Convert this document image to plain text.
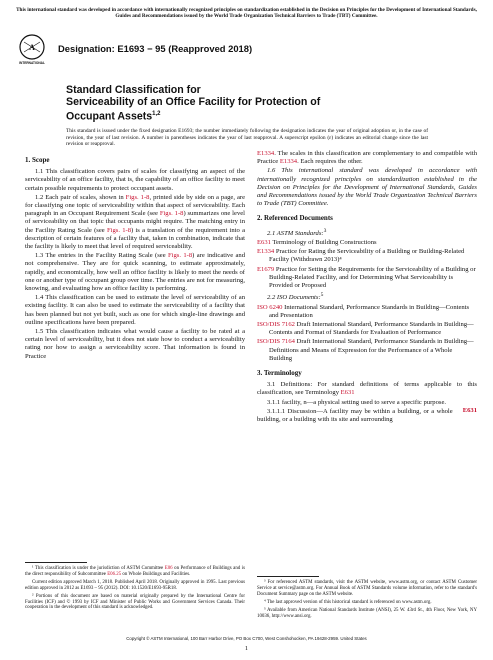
This international standard was developed in accordance with internationally recognized principles on standardization established in the Decision on Principles for the Development of International Standards, Guides and Recommendations issued by the World Trade Organization Technical Barriers to Trade (TBT) Committee.
A
INTERNATIONAL
Designation: E1693 − 95 (Reapproved 2018)
Standard Classification for
Serviceability of an Office Facility for Protection of
Occupant Assets$^{1,2}$
This standard is issued under the fixed designation E1693; the number immediately following the designation indicates the year of original adoption or, in the case of revision, the year of last revision. A number in parentheses indicates the year of last reapproval. A superscript epsilon (ε) indicates an editorial change since the last revision or reapproval.
1. Scope

1.1 This classification covers pairs of scales for classifying an aspect of the serviceability of an office facility, that is, the capability of an office facility to meet certain possible requirements to protect occupant assets.

1.2 Each pair of scales, shown in Figs. 1-8, printed side by side on a page, are for classifying one topic of serviceability within that aspect of serviceability. Each paragraph in an Occupant Requirement Scale (see Figs. 1-8) summarizes one level of serviceability on that topic that occupants might require. The matching entry in the Facility Rating Scale (see Figs. 1-8) is a translation of the requirement into a description of certain features of a facility that, taken in combination, indicate that the facility is likely to meet that level of required serviceability.

1.3 The entries in the Facility Rating Scale (see Figs. 1-8) are indicative and not comprehensive. They are for quick scanning, to estimate approximately, rapidly, and economically, how well an office facility is likely to meet the needs of one or another type of occupant group over time. The entries are not for measuring, knowing, and evaluating how an office facility is performing.

1.4 This classification can be used to estimate the level of serviceability of an existing facility. It can also be used to estimate the serviceability of a facility that has been planned but not yet built, such as one for which single-line drawings and outline specifications have been prepared.

1.5 This classification indicates what would cause a facility to be rated at a certain level of serviceability, but it does not state how to conduct a serviceability rating nor how to assign a serviceability score. That information is found in Practice

¹ This classification is under the jurisdiction of ASTM Committee E06 on Performance of Buildings and is the direct responsibility of Subcommittee E06.25 on Whole Buildings and Facilities.

Current edition approved March 1, 2018. Published April 2018. Originally approved in 1995. Last previous edition approved in 2012 as E1693 – 95 (2012). DOI: 10.1520/E1693-95R18.

² Portions of this document are based on material originally prepared by the International Centre for Facilities (ICF) and © 1993 by ICF and Minister of Public Works and Government Services Canada. Their cooperation in the development of this standard is acknowledged.

E1334. The scales in this classification are complementary to and compatible with Practice E1334. Each requires the other.

1.6 This international standard was developed in accordance with internationally recognized principles on standardization established in the Decision on Principles for the Development of International Standards, Guides and Recommendations issued by the World Trade Organization Technical Barriers to Trade (TBT) Committee.

2. Referenced Documents

2.1 ASTM Standards:$^3$

E631 Terminology of Building Constructions

E1334 Practice for Rating the Serviceability of a Building or Building-Related Facility (Withdrawn 2013)⁴

E1679 Practice for Setting the Requirements for the Serviceability of a Building or Building-Related Facility, and for Determining What Serviceability is Provided or Proposed

2.2 ISO Documents:$^5$

ISO 6240 International Standard, Performance Standards in Building—Contents and Presentation

ISO/DIS 7162 Draft International Standard, Performance Standards in Building—Contents and Format of Standards for Evaluation of Performance

ISO/DIS 7164 Draft International Standard, Performance Standards in Building—Definitions and Means of Expression for the Performance of a Whole Building

3. Terminology

3.1 Definitions: For standard definitions of terms applicable to this classification, see Terminology E631

3.1.1 facility, n—a physical setting used to serve a specific purpose.

E631

3.1.1.1 Discussion—A facility may be within a building, or a whole building, or a building with its site and surrounding

³ For referenced ASTM standards, visit the ASTM website, www.astm.org, or contact ASTM Customer Service at service@astm.org. For Annual Book of ASTM Standards volume information, refer to the standard's Document Summary page on the ASTM website.

⁴ The last approved version of this historical standard is referenced on www.astm.org.

⁵ Available from American National Standards Institute (ANSI), 25 W. 43rd St., 4th Floor, New York, NY 10036, http://www.ansi.org.

Copyright © ASTM International, 100 Barr Harbor Drive, PO Box C700, West Conshohocken, PA 19428-2959. United States
1
